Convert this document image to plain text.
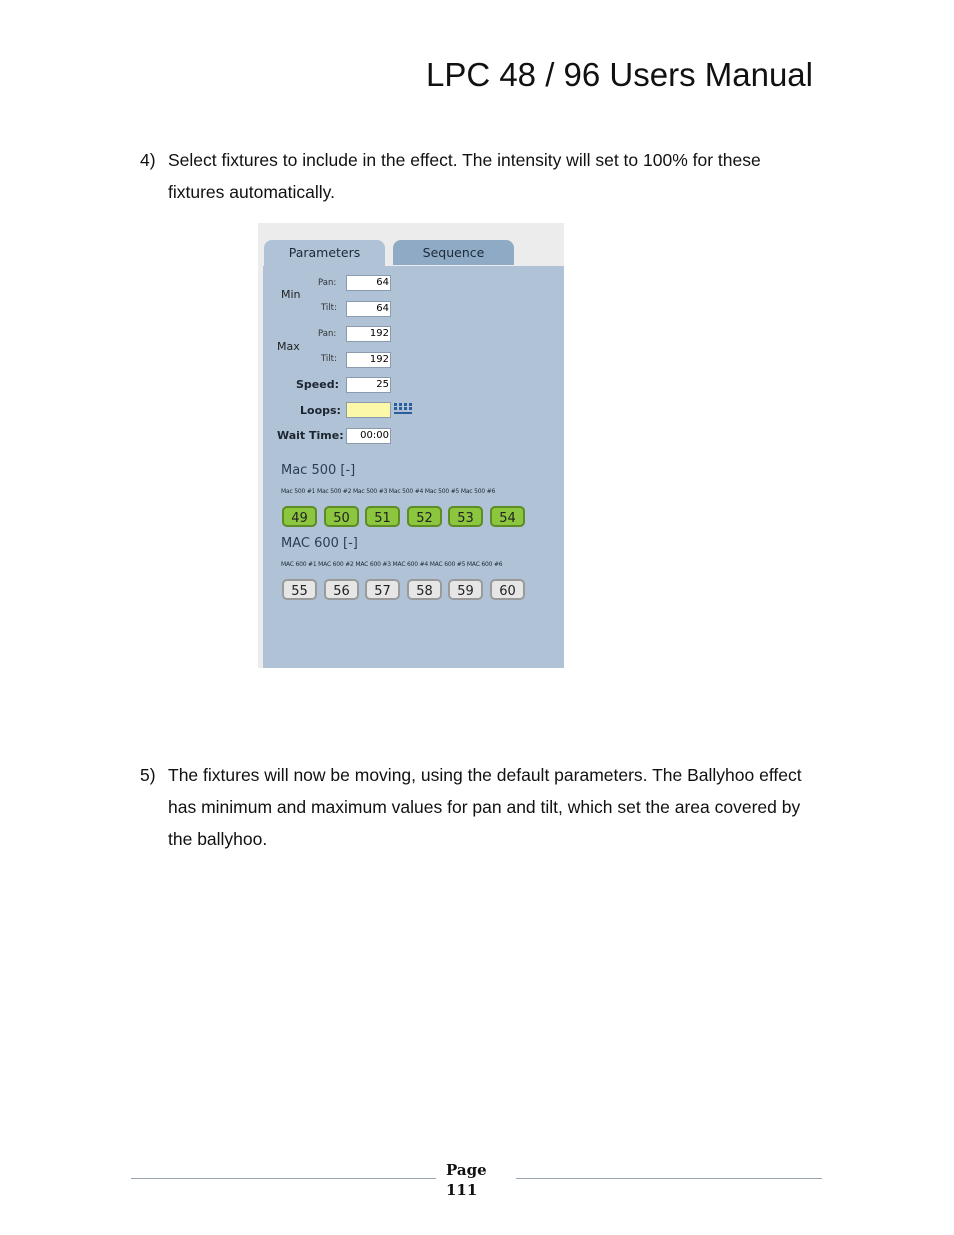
LPC 48 / 96 Users Manual
4) Select fixtures to include in the effect. The intensity will set to 100% for these fixtures automatically.
Parameters	Sequence
Min
Pan:	64
Tilt:	64
Max
Pan:	192
Tilt:	192
Speed:	25
Loops:
Wait Time:	00:00
Mac 500 [-]
Mac 500 #1 Mac 500 #2 Mac 500 #3 Mac 500 #4 Mac 500 #5 Mac 500 #6
49	50	51	52	53	54
MAC 600 [-]
MAC 600 #1 MAC 600 #2 MAC 600 #3 MAC 600 #4 MAC 600 #5 MAC 600 #6
55	56	57	58	59	60
5) The fixtures will now be moving, using the default parameters. The Ballyhoo effect has minimum and maximum values for pan and tilt, which set the area covered by the ballyhoo.
Page
111
